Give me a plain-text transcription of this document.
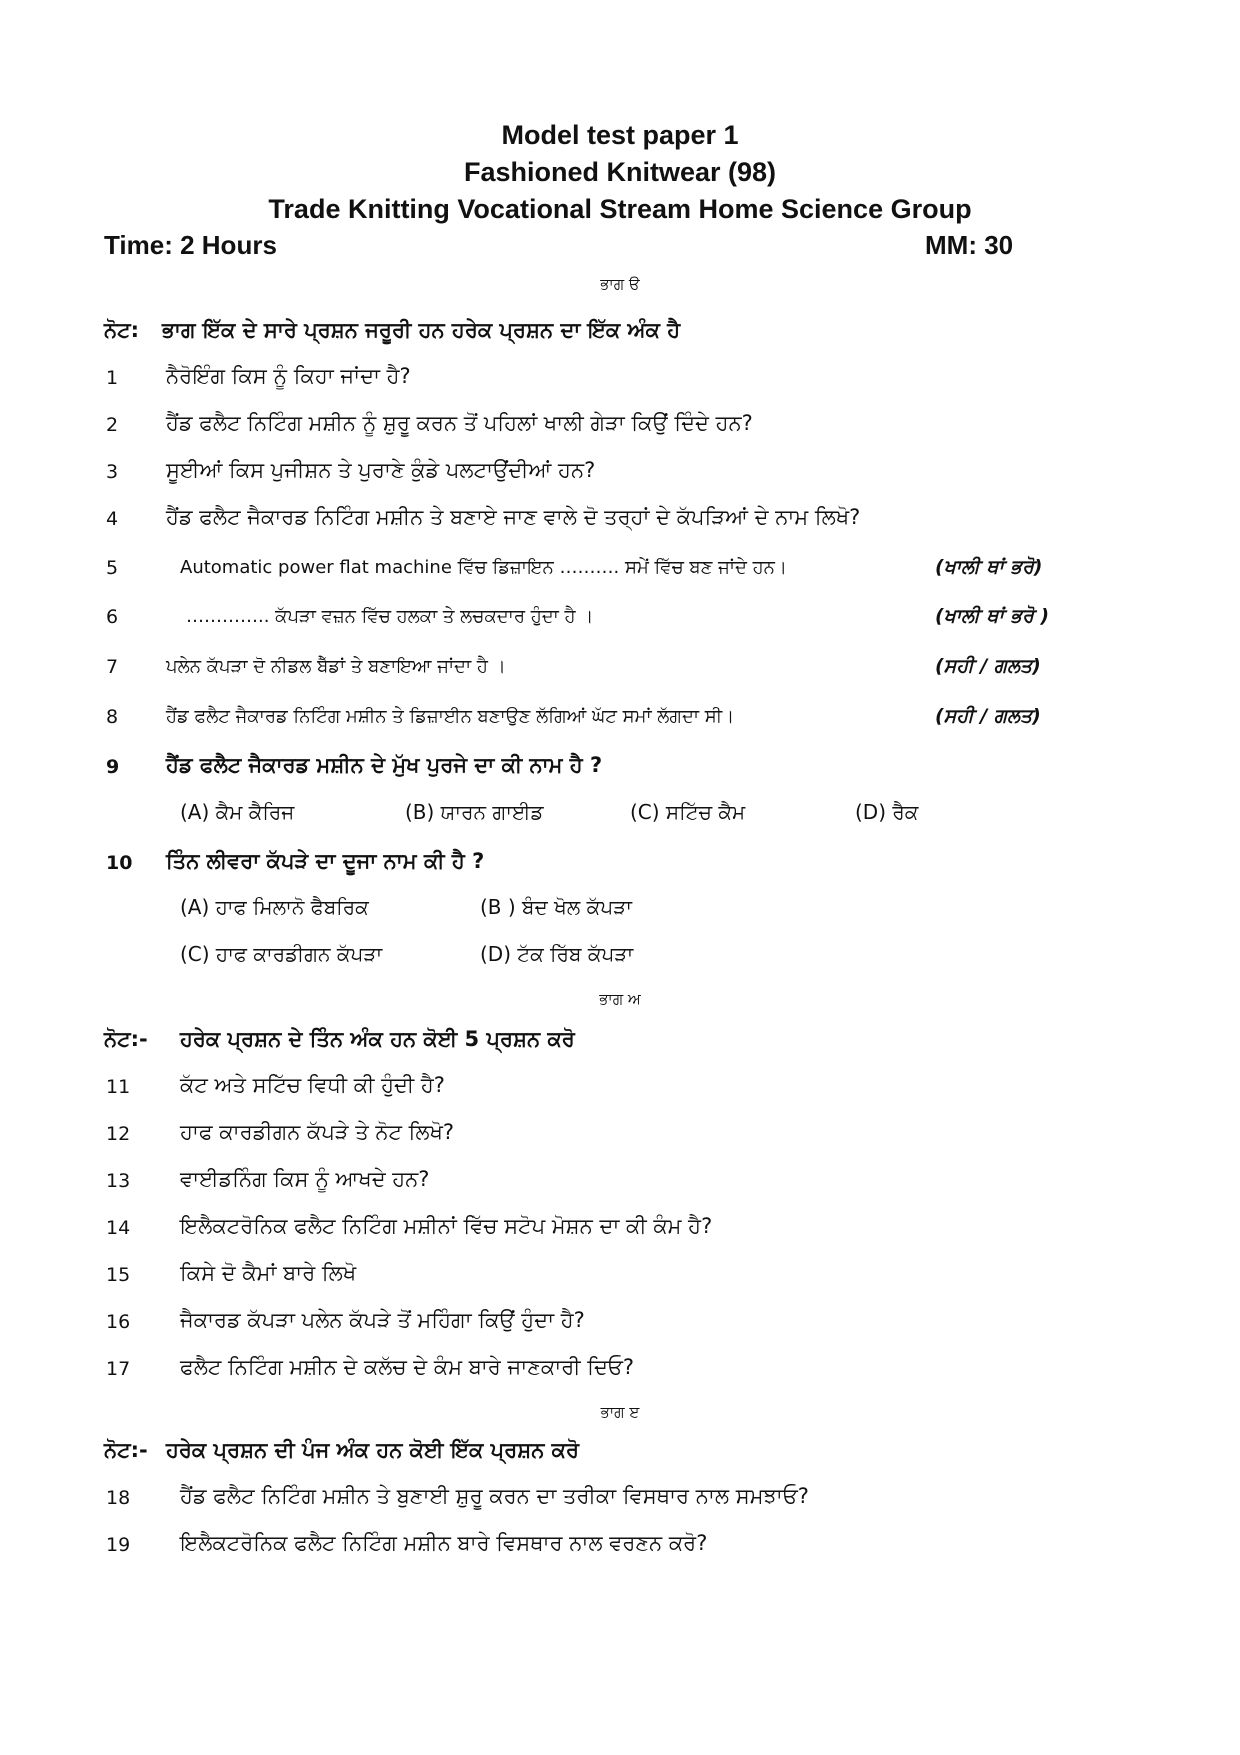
Model test paper 1
Fashioned Knitwear (98)
Trade Knitting Vocational Stream Home Science Group
Time: 2 Hours	MM: 30
ਭਾਗ ੳ
ਨੋਟ: ਭਾਗ ਇੱਕ ਦੇ ਸਾਰੇ ਪ੍ਰਸ਼ਨ ਜਰੂਰੀ ਹਨ ਹਰੇਕ ਪ੍ਰਸ਼ਨ ਦਾ ਇੱਕ ਅੰਕ ਹੈ
1 ਨੈਰੋਇੰਗ ਕਿਸ ਨੂੰ ਕਿਹਾ ਜਾਂਦਾ ਹੈ?
2 ਹੈਂਡ ਫਲੈਟ ਨਿਟਿੰਗ ਮਸ਼ੀਨ ਨੂੰ ਸ਼ੁਰੂ ਕਰਨ ਤੋਂ ਪਹਿਲਾਂ ਖਾਲੀ ਗੇੜਾ ਕਿਉਂ ਦਿੰਦੇ ਹਨ?
3 ਸੂਈਆਂ ਕਿਸ ਪੁਜੀਸ਼ਨ ਤੇ ਪੁਰਾਣੇ ਕੁੰਡੇ ਪਲਟਾਉਂਦੀਆਂ ਹਨ?
4 ਹੈਂਡ ਫਲੈਟ ਜੈਕਾਰਡ ਨਿਟਿੰਗ ਮਸ਼ੀਨ ਤੇ ਬਣਾਏ ਜਾਣ ਵਾਲੇ ਦੋ ਤਰ੍ਹਾਂ ਦੇ ਕੱਪੜਿਆਂ ਦੇ ਨਾਮ ਲਿਖੋ?
5	Automatic power flat machine ਵਿੱਚ ਡਿਜ਼ਾਇਨ ………. ਸਮੇਂ ਵਿੱਚ ਬਣ ਜਾਂਦੇ ਹਨ।	(ਖਾਲੀ ਥਾਂ ਭਰੋ)
6	………….. ਕੱਪੜਾ ਵਜ਼ਨ ਵਿੱਚ ਹਲਕਾ ਤੇ ਲਚਕਦਾਰ ਹੁੰਦਾ ਹੈ ।	(ਖਾਲੀ ਥਾਂ ਭਰੋ )
7	ਪਲੇਨ ਕੱਪੜਾ ਦੋ ਨੀਡਲ ਬੈੱਡਾਂ ਤੇ ਬਣਾਇਆ ਜਾਂਦਾ ਹੈ ।	(ਸਹੀ / ਗਲਤ)
8	ਹੈਂਡ ਫਲੈਟ ਜੈਕਾਰਡ ਨਿਟਿੰਗ ਮਸ਼ੀਨ ਤੇ ਡਿਜ਼ਾਈਨ ਬਣਾਉਣ ਲੱਗਿਆਂ ਘੱਟ ਸਮਾਂ ਲੱਗਦਾ ਸੀ।	(ਸਹੀ / ਗਲਤ)
9 ਹੈਂਡ ਫਲੈਟ ਜੈਕਾਰਡ ਮਸ਼ੀਨ ਦੇ ਮੁੱਖ ਪੁਰਜੇ ਦਾ ਕੀ ਨਾਮ ਹੈ ?
(A) ਕੈਮ ਕੈਰਿਜ	(B) ਯਾਰਨ ਗਾਈਡ	(C) ਸਟਿੱਚ ਕੈਮ	(D) ਰੈਕ
10 ਤਿੰਨ ਲੀਵਰਾ ਕੱਪੜੇ ਦਾ ਦੂਜਾ ਨਾਮ ਕੀ ਹੈ ?
(A) ਹਾਫ ਮਿਲਾਨੋ ਫੈਬਰਿਕ	(B ) ਬੰਦ ਖੋਲ ਕੱਪੜਾ
(C) ਹਾਫ ਕਾਰਡੀਗਨ ਕੱਪੜਾ	(D) ਟੱਕ ਰਿੱਬ ਕੱਪੜਾ
ਭਾਗ ਅ
ਨੋਟ:- ਹਰੇਕ ਪ੍ਰਸ਼ਨ ਦੇ ਤਿੰਨ ਅੰਕ ਹਨ ਕੋਈ 5 ਪ੍ਰਸ਼ਨ ਕਰੋ
11 ਕੱਟ ਅਤੇ ਸਟਿੱਚ ਵਿਧੀ ਕੀ ਹੁੰਦੀ ਹੈ?
12 ਹਾਫ ਕਾਰਡੀਗਨ ਕੱਪੜੇ ਤੇ ਨੋਟ ਲਿਖੋ?
13 ਵਾਈਡਨਿੰਗ ਕਿਸ ਨੂੰ ਆਖਦੇ ਹਨ?
14 ਇਲੈਕਟਰੋਨਿਕ ਫਲੈਟ ਨਿਟਿੰਗ ਮਸ਼ੀਨਾਂ ਵਿੱਚ ਸਟੋਪ ਮੋਸ਼ਨ ਦਾ ਕੀ ਕੰਮ ਹੈ?
15 ਕਿਸੇ ਦੋ ਕੈਮਾਂ ਬਾਰੇ ਲਿਖੋ
16 ਜੈਕਾਰਡ ਕੱਪੜਾ ਪਲੇਨ ਕੱਪੜੇ ਤੋਂ ਮਹਿੰਗਾ ਕਿਉਂ ਹੁੰਦਾ ਹੈ?
17 ਫਲੈਟ ਨਿਟਿੰਗ ਮਸ਼ੀਨ ਦੇ ਕਲੱਚ ਦੇ ਕੰਮ ਬਾਰੇ ਜਾਣਕਾਰੀ ਦਿਓ?
ਭਾਗ ੲ
ਨੋਟ:- ਹਰੇਕ ਪ੍ਰਸ਼ਨ ਦੀ ਪੰਜ ਅੰਕ ਹਨ ਕੋਈ ਇੱਕ ਪ੍ਰਸ਼ਨ ਕਰੋ
18 ਹੈਂਡ ਫਲੈਟ ਨਿਟਿੰਗ ਮਸ਼ੀਨ ਤੇ ਬੁਣਾਈ ਸ਼ੁਰੂ ਕਰਨ ਦਾ ਤਰੀਕਾ ਵਿਸਥਾਰ ਨਾਲ ਸਮਝਾਓ?
19 ਇਲੈਕਟਰੋਨਿਕ ਫਲੈਟ ਨਿਟਿੰਗ ਮਸ਼ੀਨ ਬਾਰੇ ਵਿਸਥਾਰ ਨਾਲ ਵਰਣਨ ਕਰੋ?
